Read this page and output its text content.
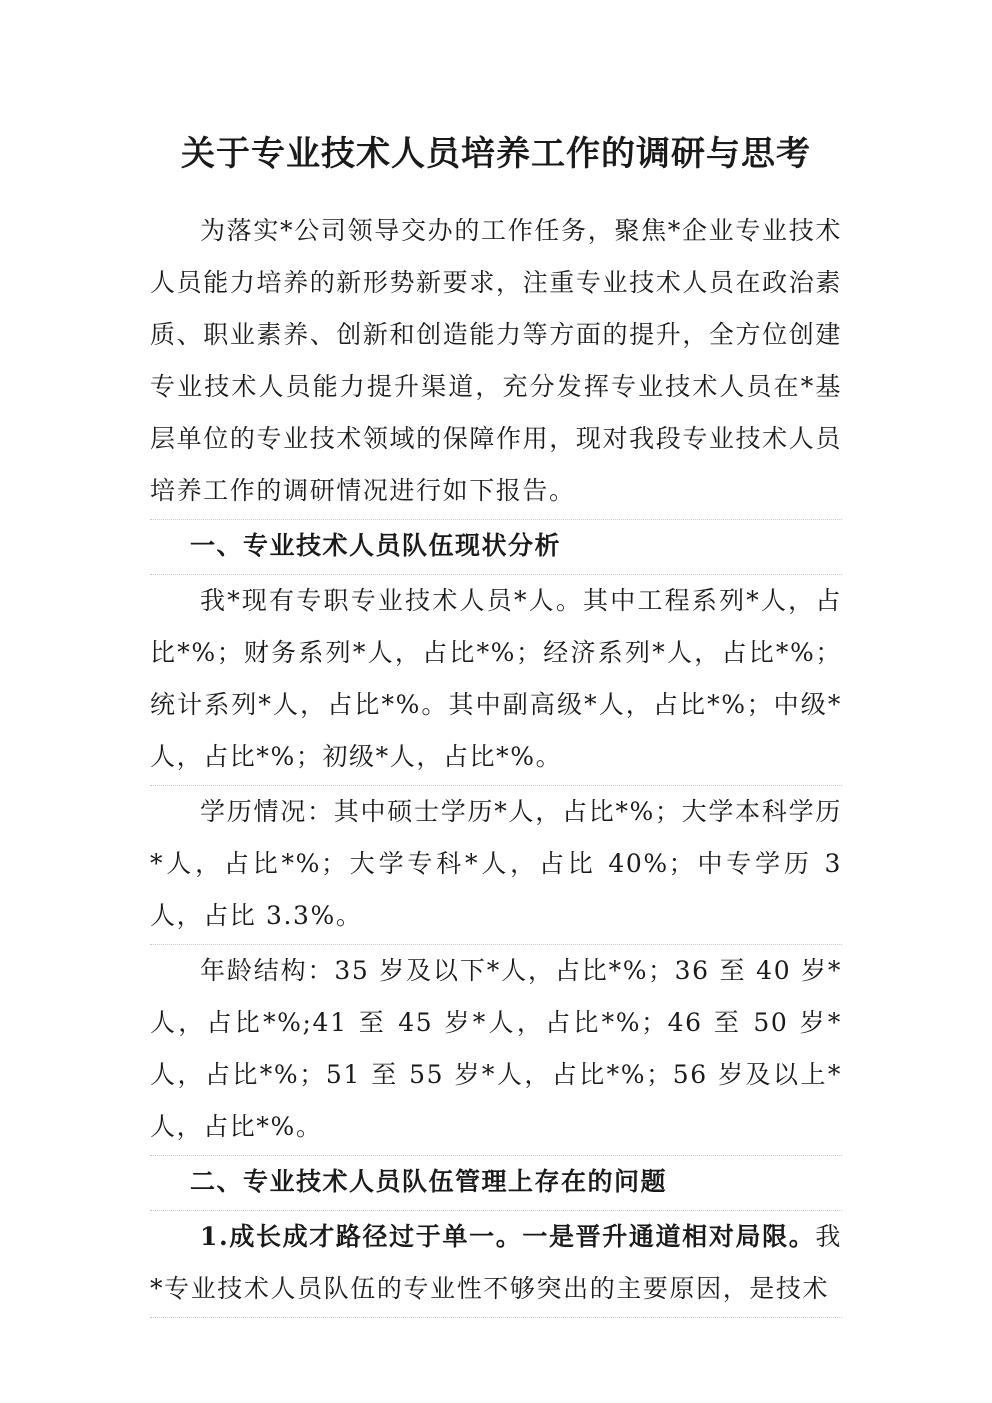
关于专业技术人员培养工作的调研与思考

为落实*公司领导交办的工作任务，聚焦*企业专业技术人员能力培养的新形势新要求，注重专业技术人员在政治素质、职业素养、创新和创造能力等方面的提升，全方位创建专业技术人员能力提升渠道，充分发挥专业技术人员在*基层单位的专业技术领域的保障作用，现对我段专业技术人员培养工作的调研情况进行如下报告。

一、专业技术人员队伍现状分析

我*现有专职专业技术人员*人。其中工程系列*人，占比*%；财务系列*人，占比*%；经济系列*人，占比*%；统计系列*人，占比*%。其中副高级*人，占比*%；中级*人，占比*%；初级*人，占比*%。

学历情况：其中硕士学历*人，占比*%；大学本科学历*人，占比*%；大学专科*人，占比 40%；中专学历 3 人，占比 3.3%。

年龄结构：35 岁及以下*人，占比*%；36 至 40 岁*人，占比*%;41 至 45 岁*人，占比*%；46 至 50 岁*人，占比*%；51 至 55 岁*人，占比*%；56 岁及以上*人，占比*%。

二、专业技术人员队伍管理上存在的问题

1.成长成才路径过于单一。一是晋升通道相对局限。我*专业技术人员队伍的专业性不够突出的主要原因，是技术
